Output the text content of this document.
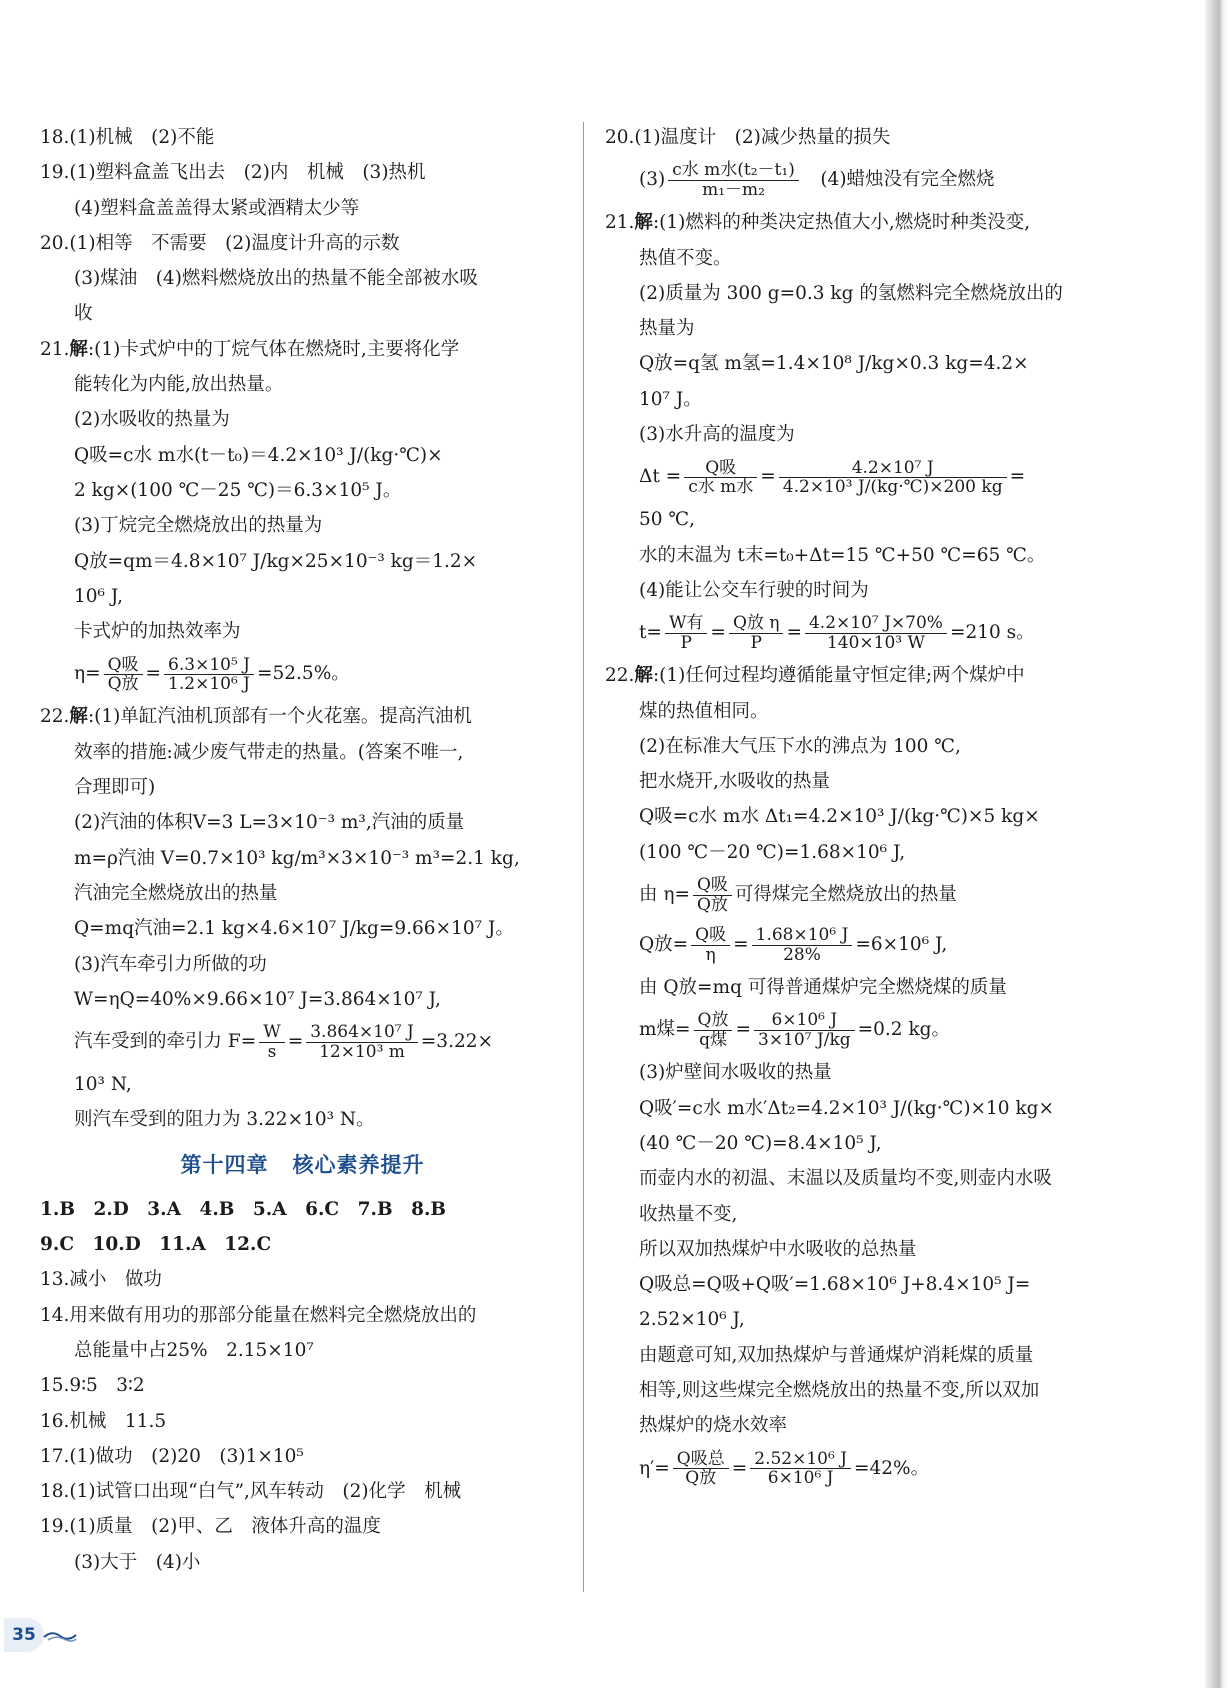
18.(1)机械　(2)不能
19.(1)塑料盒盖飞出去　(2)内　机械　(3)热机
(4)塑料盒盖盖得太紧或酒精太少等
20.(1)相等　不需要　(2)温度计升高的示数
(3)煤油　(4)燃料燃烧放出的热量不能全部被水吸
收
21.解:(1)卡式炉中的丁烷气体在燃烧时,主要将化学
能转化为内能,放出热量。
(2)水吸收的热量为
Q吸=c水 m水(t－t₀)＝4.2×10³ J/(kg·℃)×
2 kg×(100 ℃－25 ℃)＝6.3×10⁵ J。
(3)丁烷完全燃烧放出的热量为
Q放=qm＝4.8×10⁷ J/kg×25×10⁻³ kg＝1.2×
10⁶ J,
卡式炉的加热效率为
$\eta= \frac{\text{Q吸}}{\text{Q放}} = \frac{\text{6.3×10⁵ J}}{\text{1.2×10⁶ J}} =52.5\%$。
22.解:(1)单缸汽油机顶部有一个火花塞。提高汽油机
效率的措施:减少废气带走的热量。(答案不唯一,
合理即可)
(2)汽油的体积V=3 L=3×10⁻³ m³,汽油的质量
m=ρ汽油 V=0.7×10³ kg/m³×3×10⁻³ m³=2.1 kg,
汽油完全燃烧放出的热量
Q=mq汽油=2.1 kg×4.6×10⁷ J/kg=9.66×10⁷ J。
(3)汽车牵引力所做的功
W=ηQ=40%×9.66×10⁷ J=3.864×10⁷ J,
汽车受到的牵引力 $F= \frac{W}{s} = \frac{\text{3.864×10⁷ J}}{\text{12×10³ m}} =3.22\times$
10³ N,
则汽车受到的阻力为 3.22×10³ N。
第十四章 核心素养提升
1.B　2.D　3.A　4.B　5.A　6.C　7.B　8.B
9.C　10.D　11.A　12.C
13.减小　做功
14.用来做有用功的那部分能量在燃料完全燃烧放出的
总能量中占25%　2.15×10⁷
15.9∶5　3∶2
16.机械　11.5
17.(1)做功　(2)20　(3)1×10⁵
18.(1)试管口出现“白气”,风车转动　(2)化学　机械
19.(1)质量　(2)甲、乙　液体升高的温度
(3)大于　(4)小
20.(1)温度计　(2)减少热量的损失
$(3) \frac{\text{c水 m水(t₂－t₁)}}{\text{m₁－m₂}}$ 　(4)蜡烛没有完全燃烧
21.解:(1)燃料的种类决定热值大小,燃烧时种类没变,
热值不变。
(2)质量为 300 g=0.3 kg 的氢燃料完全燃烧放出的
热量为
Q放=q氢 m氢=1.4×10⁸ J/kg×0.3 kg=4.2×
10⁷ J。
(3)水升高的温度为
$\Delta t = \frac{\text{Q吸}}{\text{c水 m水}} = \frac{\text{4.2×10⁷ J}}{\text{4.2×10³ J/(kg·℃)×200 kg}}$ =
50 ℃,
水的末温为 t末=t₀+Δt=15 ℃+50 ℃=65 ℃。
(4)能让公交车行驶的时间为
$t= \frac{\text{W有}}{P} = \frac{\text{Q放 η}}{P} = \frac{\text{4.2×10⁷ J×70\%}}{\text{140×10³ W}} =210$ s。
22.解:(1)任何过程均遵循能量守恒定律;两个煤炉中
煤的热值相同。
(2)在标准大气压下水的沸点为 100 ℃,
把水烧开,水吸收的热量
Q吸=c水 m水 Δt₁=4.2×10³ J/(kg·℃)×5 kg×
(100 ℃－20 ℃)=1.68×10⁶ J,
由 $\eta= \frac{\text{Q吸}}{\text{Q放}}$ 可得煤完全燃烧放出的热量
Q放= $\frac{\text{Q吸}}{\eta} = \frac{\text{1.68×10⁶ J}}{28\%} =6\times 10^6$ J,
由 Q放=mq 可得普通煤炉完全燃烧煤的质量
m煤= $\frac{\text{Q放}}{\text{q煤}} = \frac{\text{6×10⁶ J}}{\text{3×10⁷ J/kg}} =0.2$ kg。
(3)炉壁间水吸收的热量
Q吸′=c水 m水′Δt₂=4.2×10³ J/(kg·℃)×10 kg×
(40 ℃－20 ℃)=8.4×10⁵ J,
而壶内水的初温、末温以及质量均不变,则壶内水吸
收热量不变,
所以双加热煤炉中水吸收的总热量
Q吸总=Q吸+Q吸′=1.68×10⁶ J+8.4×10⁵ J=
2.52×10⁶ J,
由题意可知,双加热煤炉与普通煤炉消耗煤的质量
相等,则这些煤完全燃烧放出的热量不变,所以双加
热煤炉的烧水效率
$\eta'= \frac{\text{Q吸总}}{\text{Q放}} = \frac{\text{2.52×10⁶ J}}{\text{6×10⁶ J}} =42\%$。
35
